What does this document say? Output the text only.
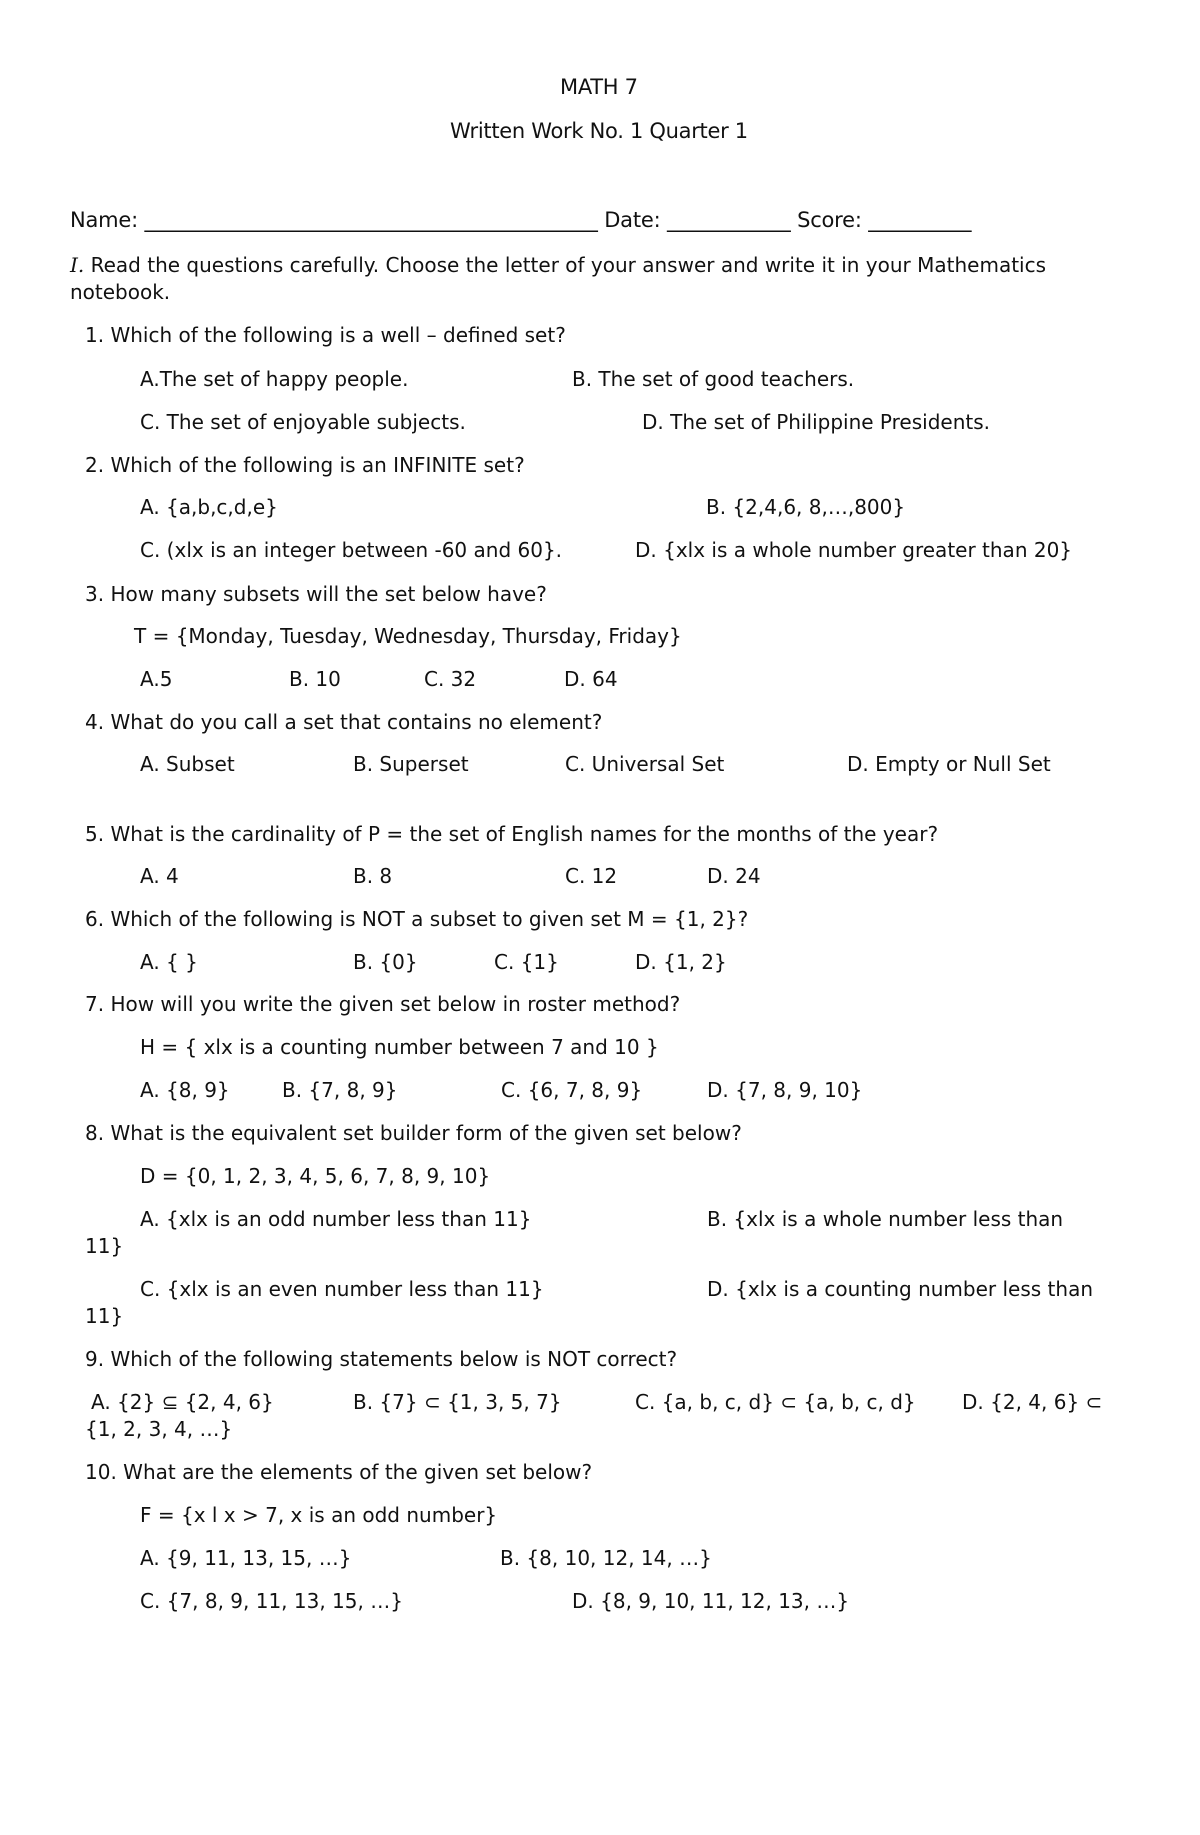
MATH 7
Written Work No. 1 Quarter 1
Name: ____________________________________________ Date: ____________ Score: __________
I. Read the questions carefully. Choose the letter of your answer and write it in your Mathematics notebook.
1. Which of the following is a well – defined set?
A.The set of happy people.	B. The set of good teachers.
C. The set of enjoyable subjects.	D. The set of Philippine Presidents.
2. Which of the following is an INFINITE set?
A. {a,b,c,d,e}	B. {2,4,6, 8,…,800}
C. (xlx is an integer between -60 and 60}.	D. {xlx is a whole number greater than 20}
3. How many subsets will the set below have?
T = {Monday, Tuesday, Wednesday, Thursday, Friday}
A.5	B. 10	C. 32	D. 64
4. What do you call a set that contains no element?
A. Subset	B. Superset	C. Universal Set	D. Empty or Null Set
5. What is the cardinality of P = the set of English names for the months of the year?
A. 4	B. 8	C. 12	D. 24
6. Which of the following is NOT a subset to given set M = {1, 2}?
A. { }	B. {0}	C. {1}	D. {1, 2}
7. How will you write the given set below in roster method?
H = { xlx is a counting number between 7 and 10 }
A. {8, 9}	B. {7, 8, 9}	C. {6, 7, 8, 9}	D. {7, 8, 9, 10}
8. What is the equivalent set builder form of the given set below?
D = {0, 1, 2, 3, 4, 5, 6, 7, 8, 9, 10}
A. {xlx is an odd number less than 11}	B. {xlx is a whole number less than
11}
C. {xlx is an even number less than 11}	D. {xlx is a counting number less than
11}
9. Which of the following statements below is NOT correct?
A. {2} ⊆ {2, 4, 6}	B. {7} ⊂ {1, 3, 5, 7}	C. {a, b, c, d} ⊂ {a, b, c, d} D. {2, 4, 6} ⊂
{1, 2, 3, 4, …}
10. What are the elements of the given set below?
F = {x l x > 7, x is an odd number}
A. {9, 11, 13, 15, …}	B. {8, 10, 12, 14, …}
C. {7, 8, 9, 11, 13, 15, …}	D. {8, 9, 10, 11, 12, 13, …}
